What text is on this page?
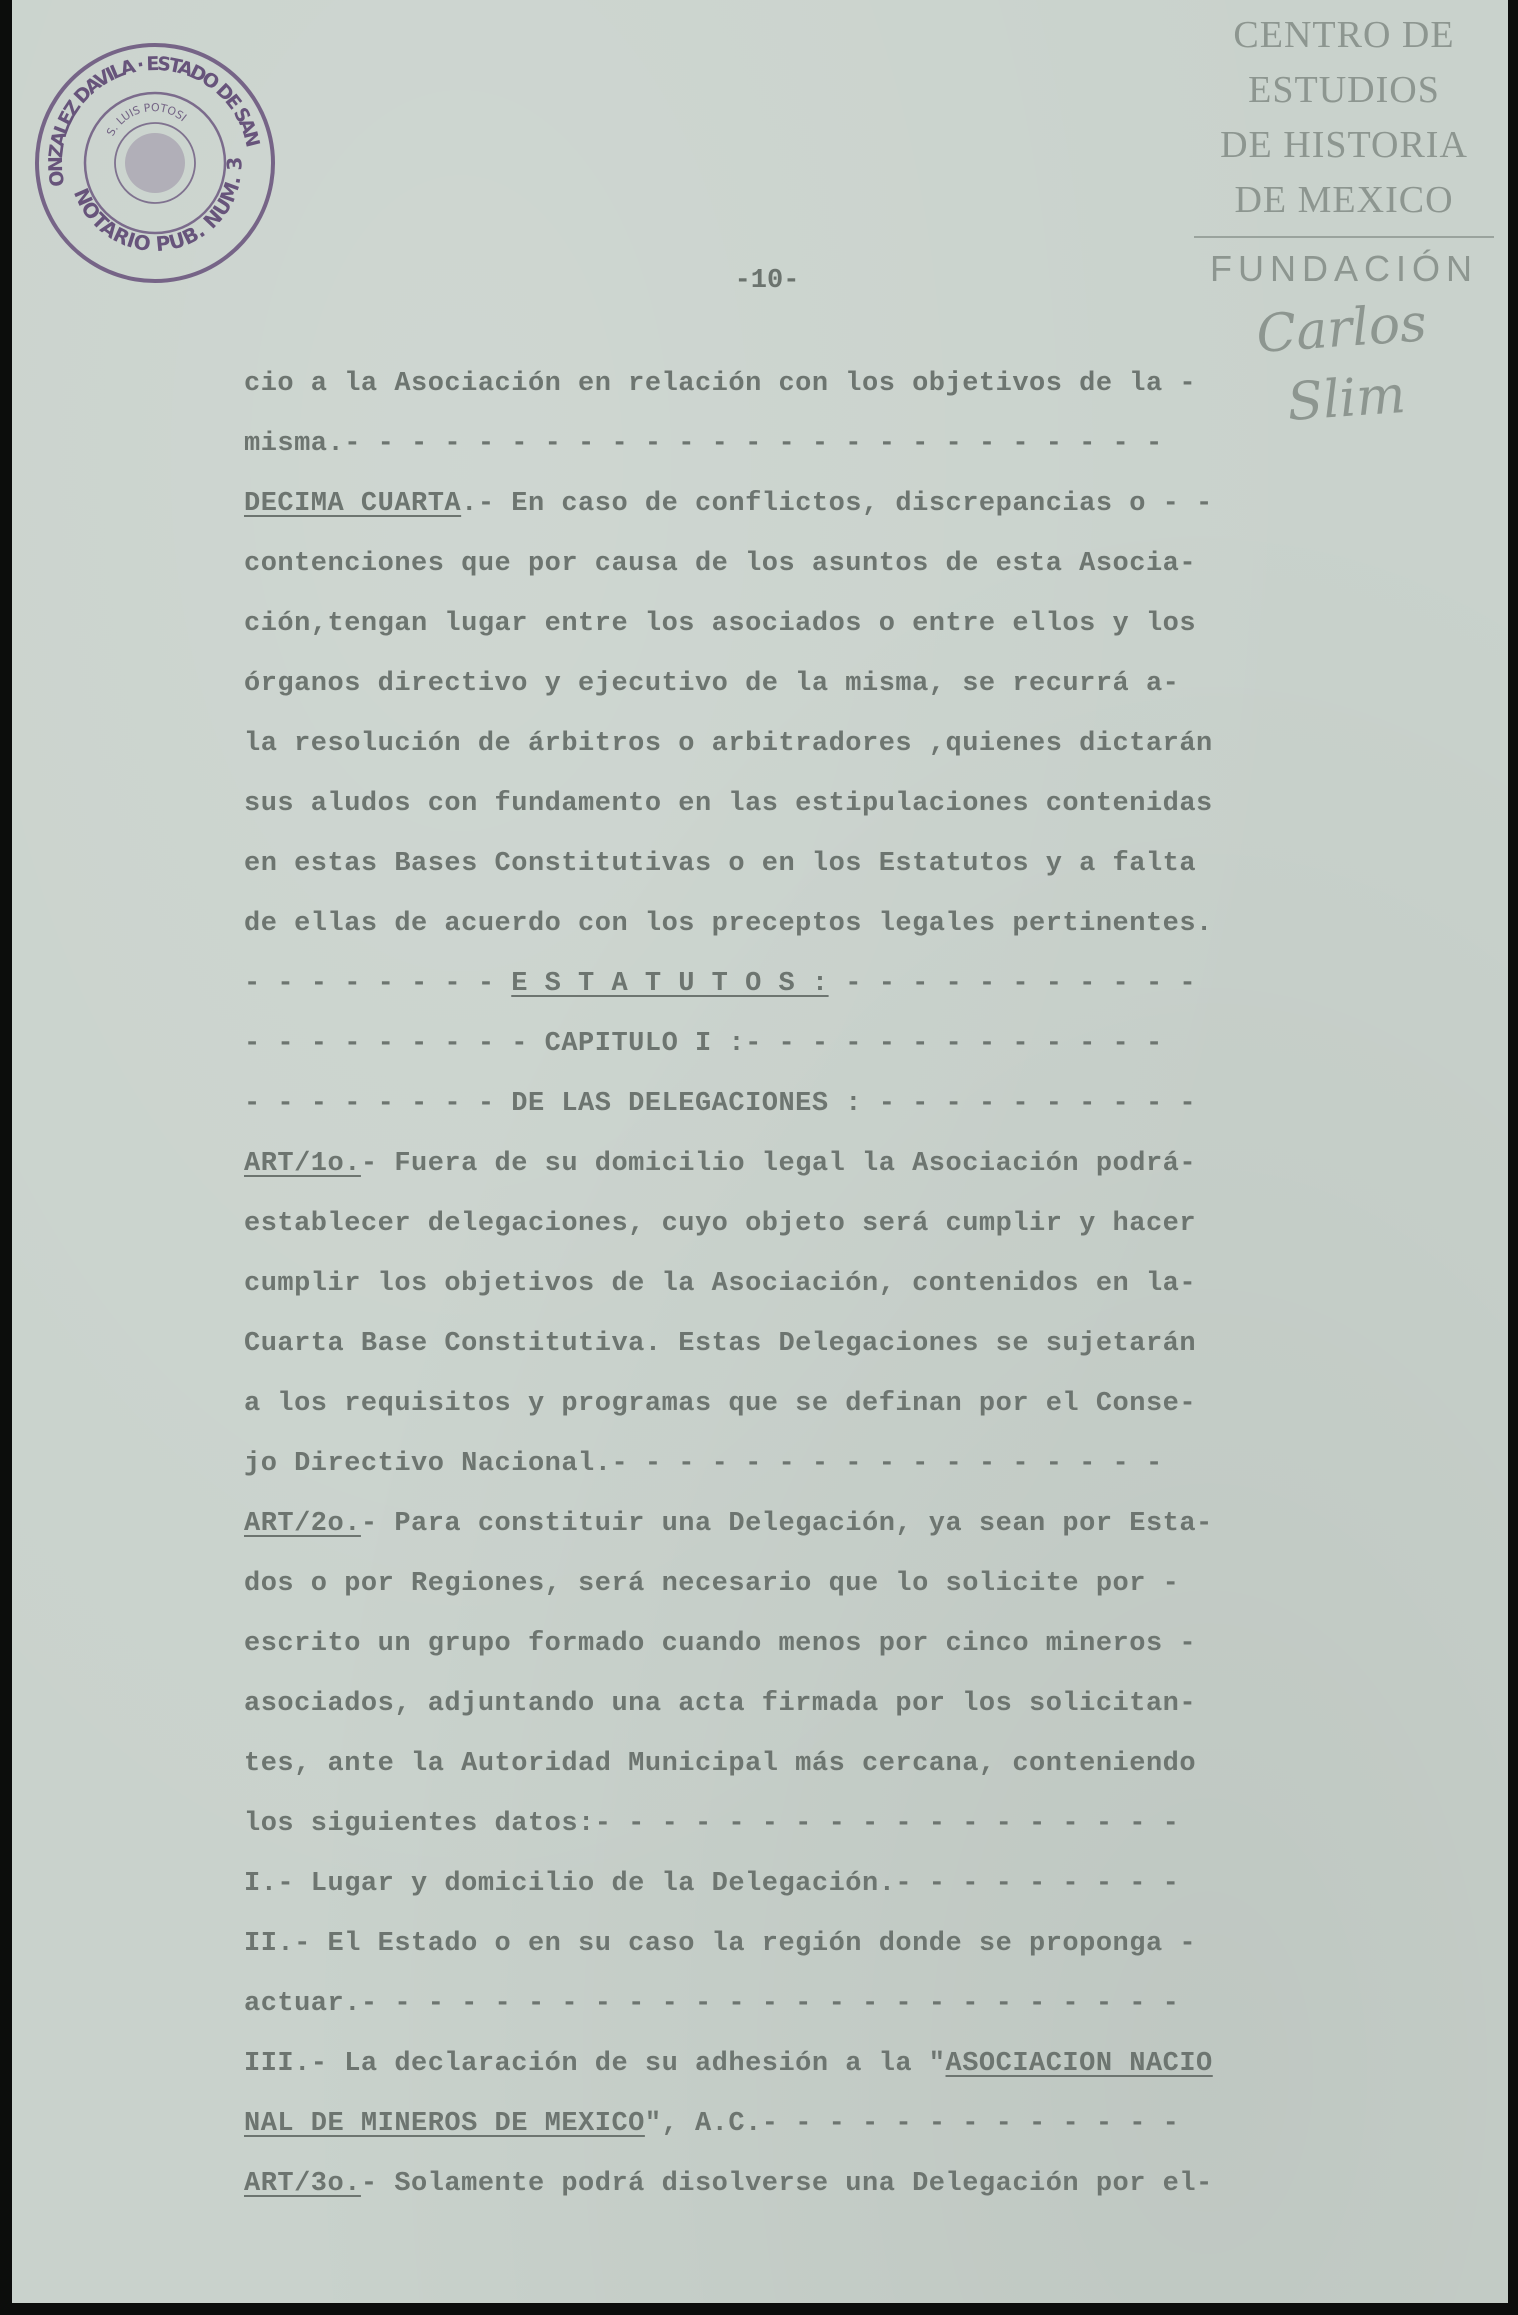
CENTRO DE
ESTUDIOS
DE HISTORIA
DE MEXICO
FUNDACIÓN
Carlos Slim
GONZALEZ DAVILA · ESTADO DE SAN
NOTARIO PUB. NUM. 3
S. LUIS POTOSI
-10-
cio a la Asociación en relación con los objetivos de la -
misma.- - - - - - - - - - - - - - - - - - - - - - - - -
DECIMA CUARTA.- En caso de conflictos, discrepancias o - -
contenciones que por causa de los asuntos de esta Asocia-
ción,tengan lugar entre los asociados o entre ellos y los
órganos directivo y ejecutivo de la misma, se recurrá a-
la resolución de árbitros o arbitradores ,quienes dictarán
sus aludos con fundamento en las estipulaciones contenidas
en estas Bases Constitutivas o en los Estatutos y a falta
de ellas de acuerdo con los preceptos legales pertinentes.
- - - - - - - - E S T A T U T O S : - - - - - - - - - - -
- - - - - - - - - CAPITULO I :- - - - - - - - - - - - -
- - - - - - - - DE LAS DELEGACIONES : - - - - - - - - - -
ART/1o.- Fuera de su domicilio legal la Asociación podrá-
establecer delegaciones, cuyo objeto será cumplir y hacer
cumplir los objetivos de la Asociación, contenidos en la-
Cuarta Base Constitutiva. Estas Delegaciones se sujetarán
a los requisitos y programas que se definan por el Conse-
jo Directivo Nacional.- - - - - - - - - - - - - - - - -
ART/2o.- Para constituir una Delegación, ya sean por Esta-
dos o por Regiones, será necesario que lo solicite por -
escrito un grupo formado cuando menos por cinco mineros -
asociados, adjuntando una acta firmada por los solicitan-
tes, ante la Autoridad Municipal más cercana, conteniendo
los siguientes datos:- - - - - - - - - - - - - - - - - -
I.- Lugar y domicilio de la Delegación.- - - - - - - - -
II.- El Estado o en su caso la región donde se proponga -
actuar.- - - - - - - - - - - - - - - - - - - - - - - - -
III.- La declaración de su adhesión a la "ASOCIACION NACIO
NAL DE MINEROS DE MEXICO", A.C.- - - - - - - - - - - - -
ART/3o.- Solamente podrá disolverse una Delegación por el-
